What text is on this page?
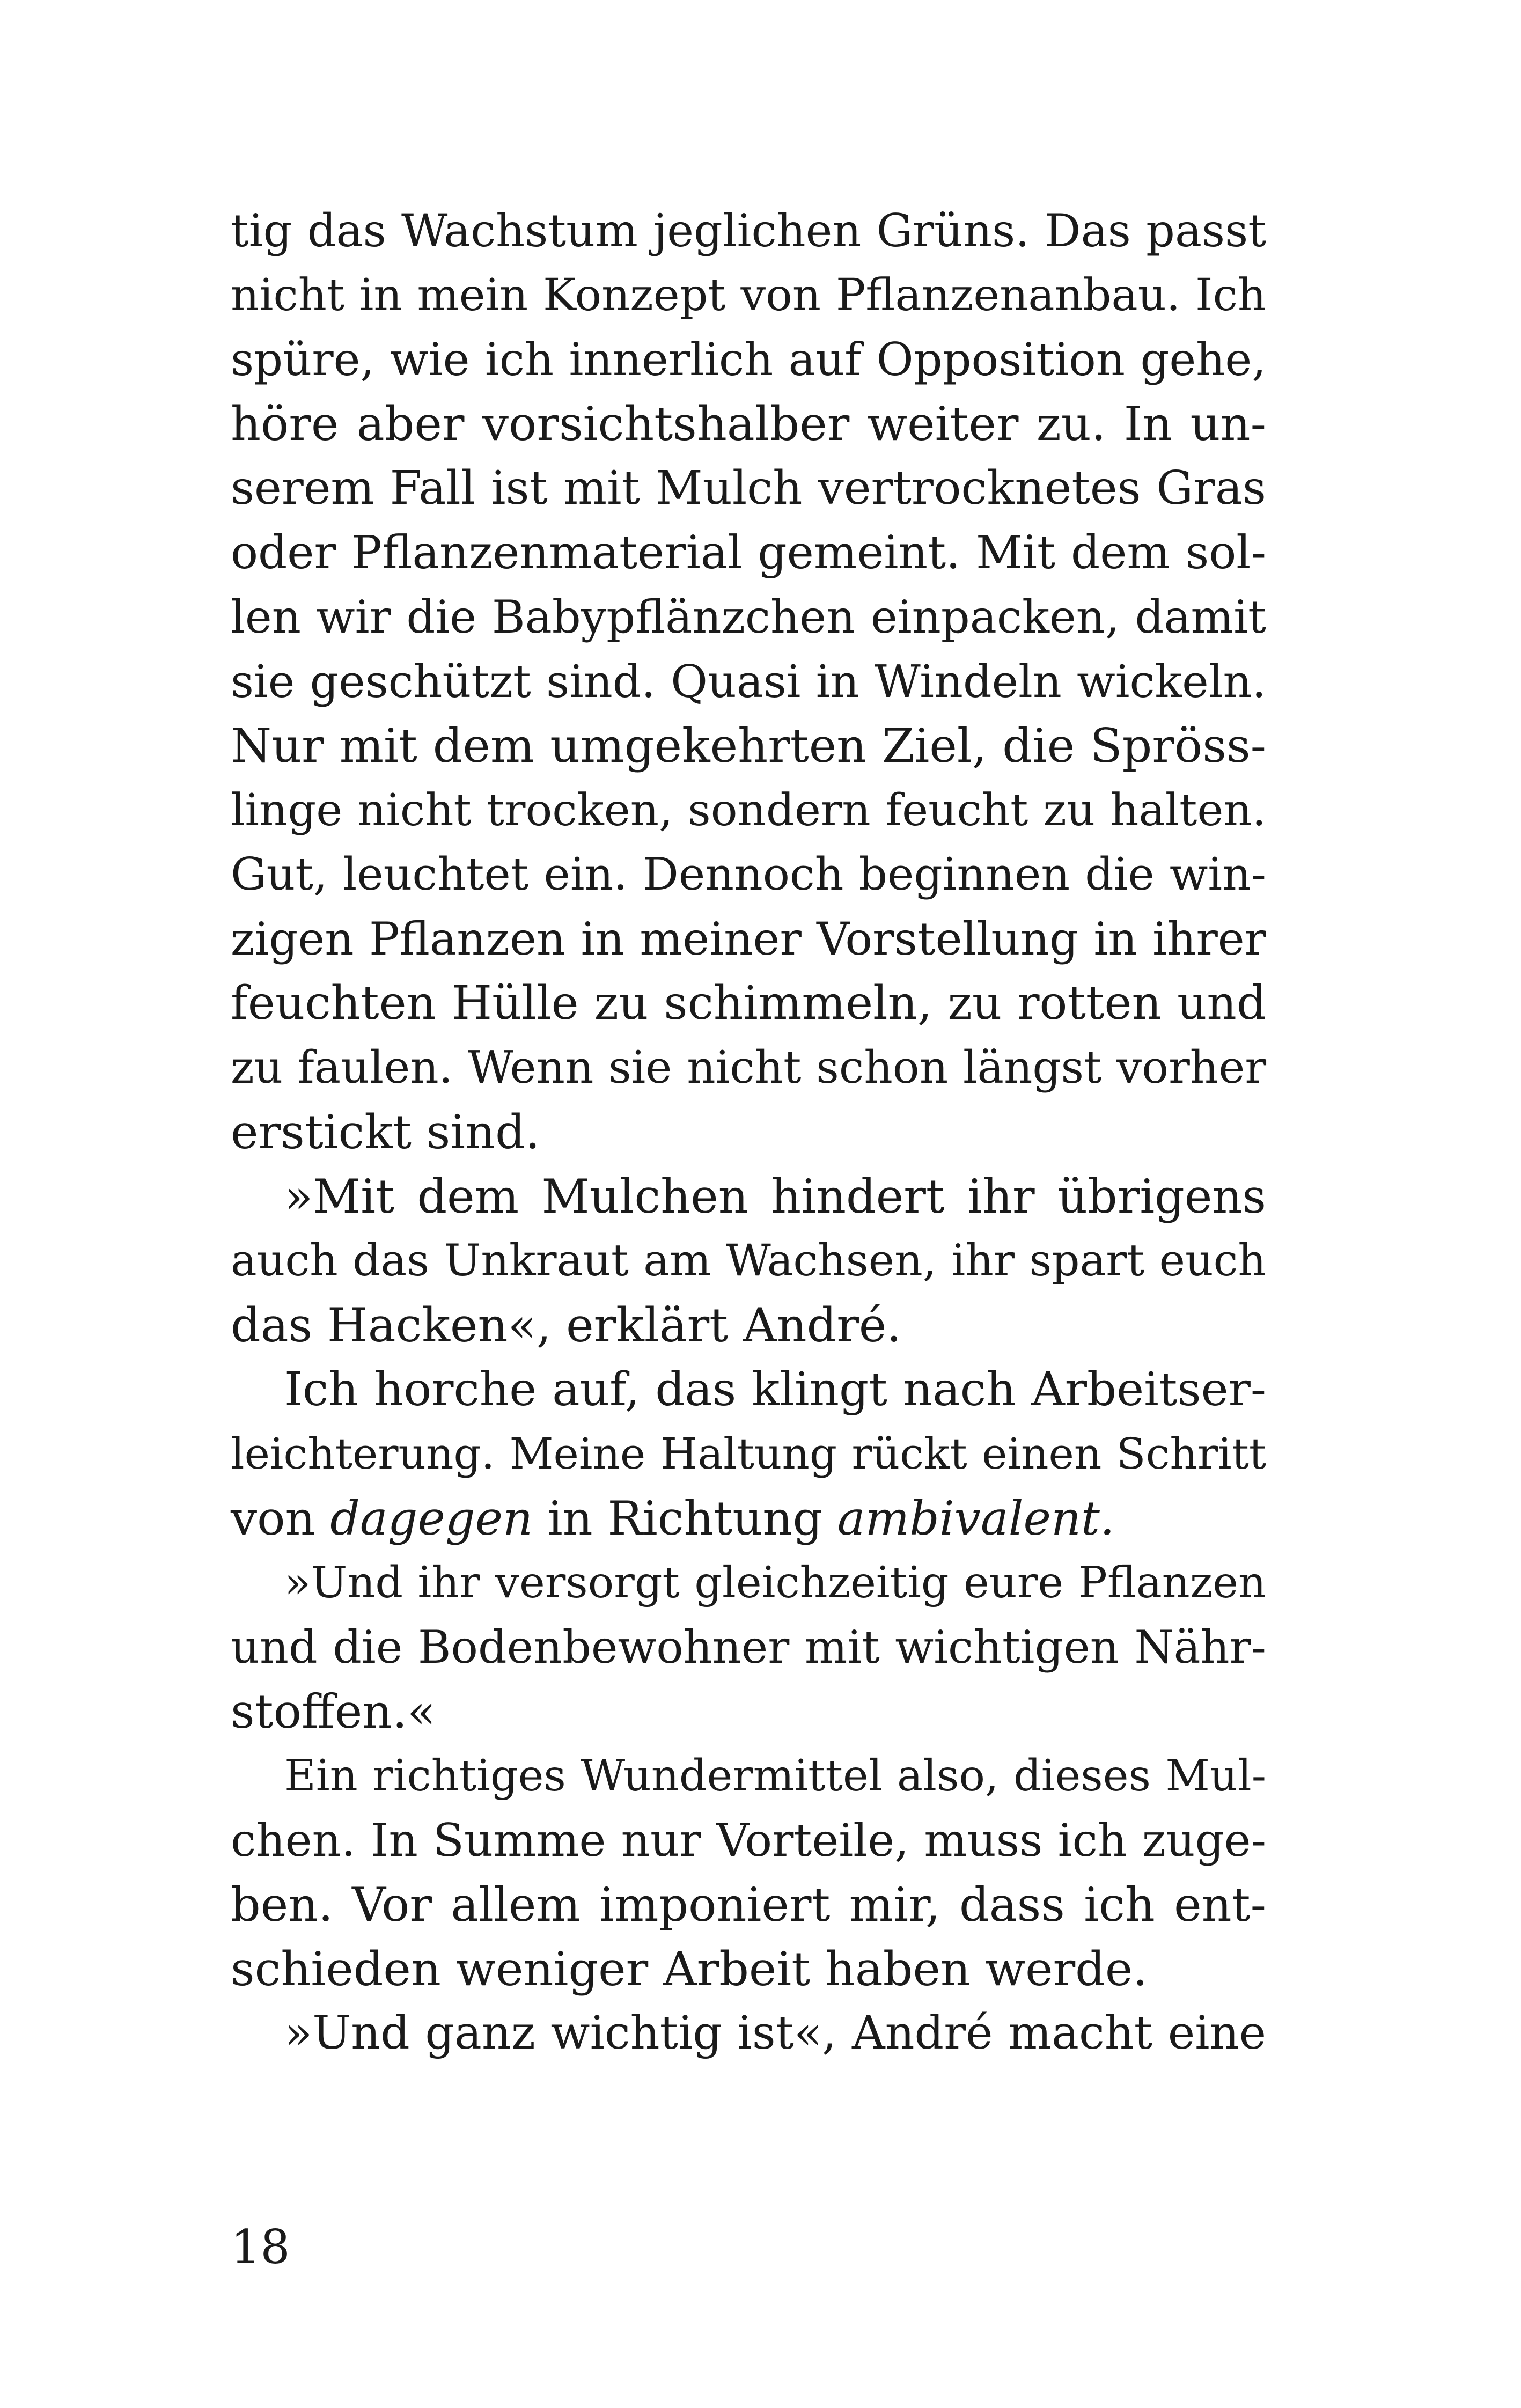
tig das Wachstum jeglichen Grüns. Das passt
nicht in mein Konzept von Pflanzenanbau. Ich
spüre, wie ich innerlich auf Opposition gehe,
höre aber vorsichtshalber weiter zu. In un-
serem Fall ist mit Mulch vertrocknetes Gras
oder Pflanzenmaterial gemeint. Mit dem sol-
len wir die Babypflänzchen einpacken, damit
sie geschützt sind. Quasi in Windeln wickeln.
Nur mit dem umgekehrten Ziel, die Spröss-
linge nicht trocken, sondern feucht zu halten.
Gut, leuchtet ein. Dennoch beginnen die win-
zigen Pflanzen in meiner Vorstellung in ihrer
feuchten Hülle zu schimmeln, zu rotten und
zu faulen. Wenn sie nicht schon längst vorher
erstickt sind.
»Mit dem Mulchen hindert ihr übrigens
auch das Unkraut am Wachsen, ihr spart euch
das Hacken«, erklärt André.
Ich horche auf, das klingt nach Arbeitser-
leichterung. Meine Haltung rückt einen Schritt
von dagegen in Richtung ambivalent.
»Und ihr versorgt gleichzeitig eure Pflanzen
und die Bodenbewohner mit wichtigen Nähr-
stoffen.«
Ein richtiges Wundermittel also, dieses Mul-
chen. In Summe nur Vorteile, muss ich zuge-
ben. Vor allem imponiert mir, dass ich ent-
schieden weniger Arbeit haben werde.
»Und ganz wichtig ist«, André macht eine
18
